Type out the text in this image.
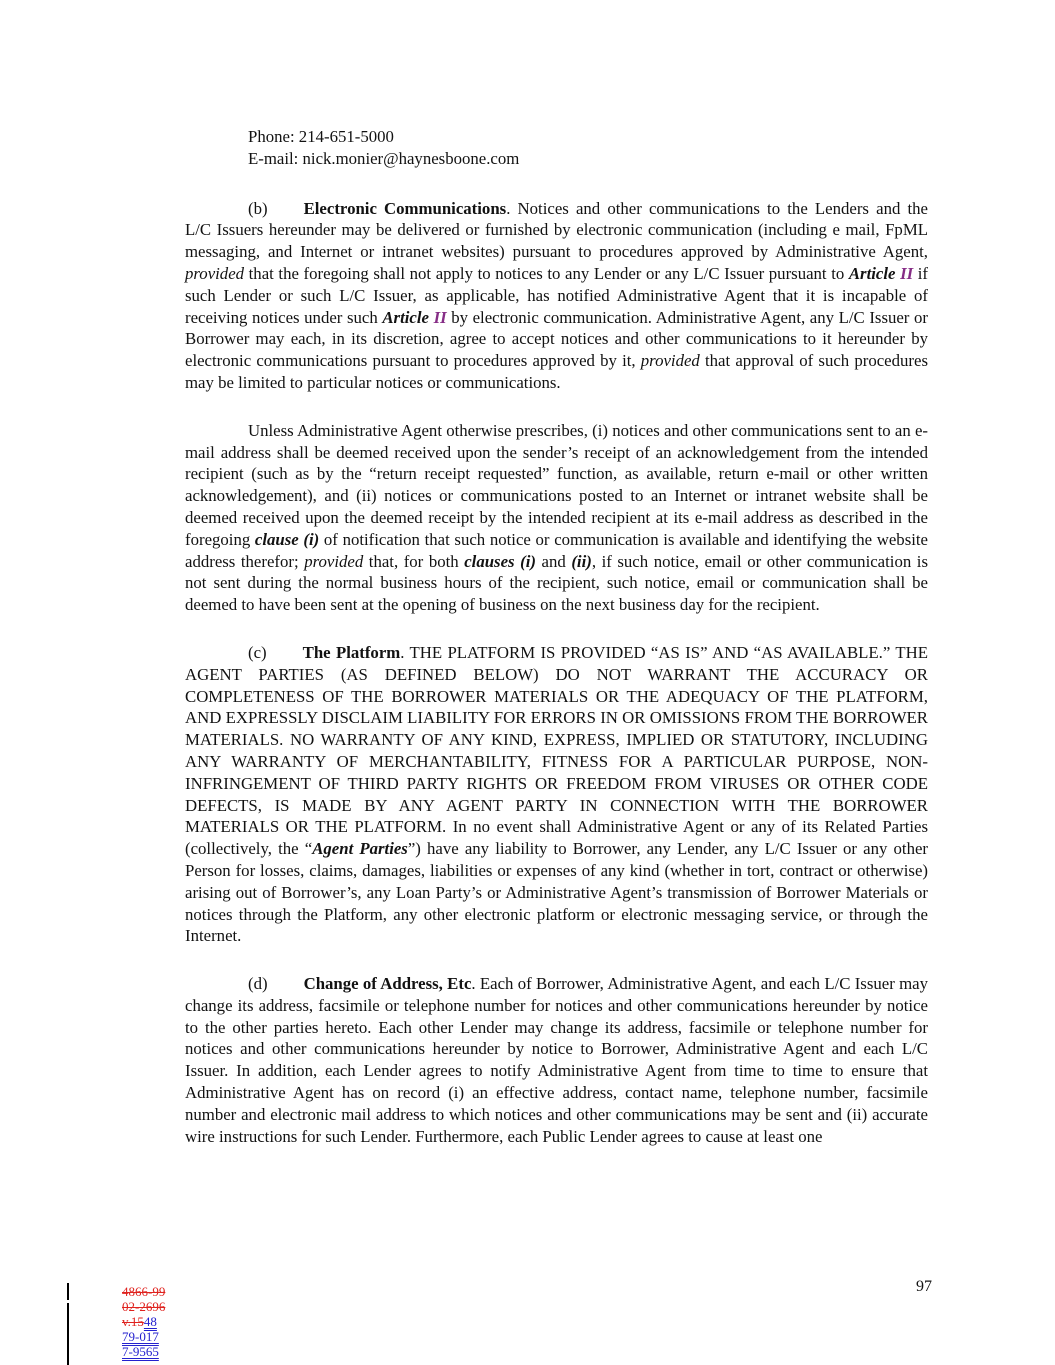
Phone: 214-651-5000
E-mail: nick.monier@haynesboone.com

(b) Electronic Communications. Notices and other communications to the Lenders and the L/C Issuers hereunder may be delivered or furnished by electronic communication (including e mail, FpML messaging, and Internet or intranet websites) pursuant to procedures approved by Administrative Agent, provided that the foregoing shall not apply to notices to any Lender or any L/C Issuer pursuant to Article II if such Lender or such L/C Issuer, as applicable, has notified Administrative Agent that it is incapable of receiving notices under such Article II by electronic communication. Administrative Agent, any L/C Issuer or Borrower may each, in its discretion, agree to accept notices and other communications to it hereunder by electronic communications pursuant to procedures approved by it, provided that approval of such procedures may be limited to particular notices or communications.

Unless Administrative Agent otherwise prescribes, (i) notices and other communications sent to an e-mail address shall be deemed received upon the sender’s receipt of an acknowledgement from the intended recipient (such as by the “return receipt requested” function, as available, return e-mail or other written acknowledgement), and (ii) notices or communications posted to an Internet or intranet website shall be deemed received upon the deemed receipt by the intended recipient at its e-mail address as described in the foregoing clause (i) of notification that such notice or communication is available and identifying the website address therefor; provided that, for both clauses (i) and (ii), if such notice, email or other communication is not sent during the normal business hours of the recipient, such notice, email or communication shall be deemed to have been sent at the opening of business on the next business day for the recipient.

(c) The Platform. THE PLATFORM IS PROVIDED “AS IS” AND “AS AVAILABLE.” THE AGENT PARTIES (AS DEFINED BELOW) DO NOT WARRANT THE ACCURACY OR COMPLETENESS OF THE BORROWER MATERIALS OR THE ADEQUACY OF THE PLATFORM, AND EXPRESSLY DISCLAIM LIABILITY FOR ERRORS IN OR OMISSIONS FROM THE BORROWER MATERIALS. NO WARRANTY OF ANY KIND, EXPRESS, IMPLIED OR STATUTORY, INCLUDING ANY WARRANTY OF MERCHANTABILITY, FITNESS FOR A PARTICULAR PURPOSE, NON-INFRINGEMENT OF THIRD PARTY RIGHTS OR FREEDOM FROM VIRUSES OR OTHER CODE DEFECTS, IS MADE BY ANY AGENT PARTY IN CONNECTION WITH THE BORROWER MATERIALS OR THE PLATFORM. In no event shall Administrative Agent or any of its Related Parties (collectively, the “Agent Parties”) have any liability to Borrower, any Lender, any L/C Issuer or any other Person for losses, claims, damages, liabilities or expenses of any kind (whether in tort, contract or otherwise) arising out of Borrower’s, any Loan Party’s or Administrative Agent’s transmission of Borrower Materials or notices through the Platform, any other electronic platform or electronic messaging service, or through the Internet.

(d) Change of Address, Etc. Each of Borrower, Administrative Agent, and each L/C Issuer may change its address, facsimile or telephone number for notices and other communications hereunder by notice to the other parties hereto. Each other Lender may change its address, facsimile or telephone number for notices and other communications hereunder by notice to Borrower, Administrative Agent and each L/C Issuer. In addition, each Lender agrees to notify Administrative Agent from time to time to ensure that Administrative Agent has on record (i) an effective address, contact name, telephone number, facsimile number and electronic mail address to which notices and other communications may be sent and (ii) accurate wire instructions for such Lender. Furthermore, each Public Lender agrees to cause at least one

4866-99
02-2696
v.1548
79-017
7-9565
97
